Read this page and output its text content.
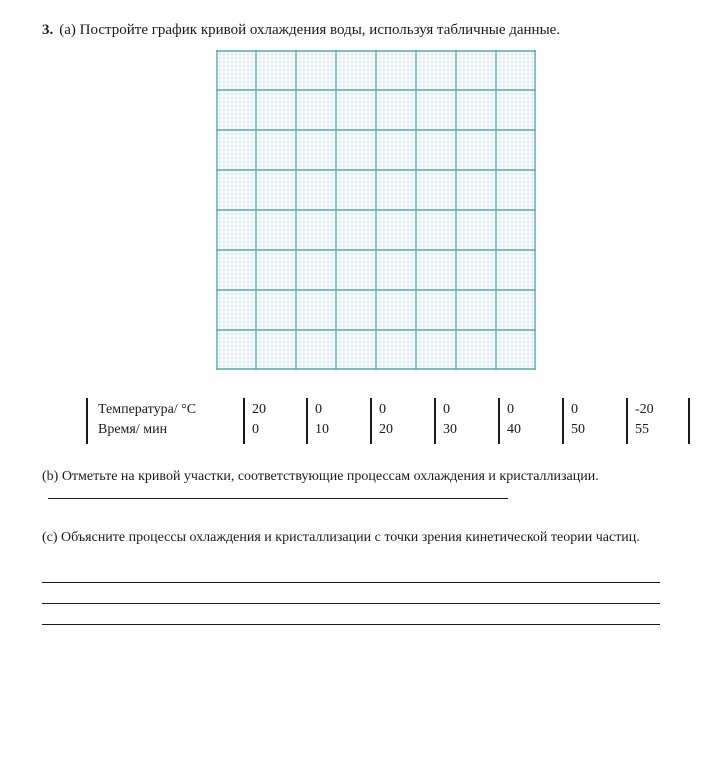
3. (a) Постройте график кривой охлаждения воды, используя табличные данные.
Температура/ °C
Время/ мин
20
0
0
10
0
20
0
30
0
40
0
50
-20
55
(b) Отметьте на кривой участки, соответствующие процессам охлаждения и кристаллизации.
(c) Объясните процессы охлаждения и кристаллизации с точки зрения кинетической теории частиц.
